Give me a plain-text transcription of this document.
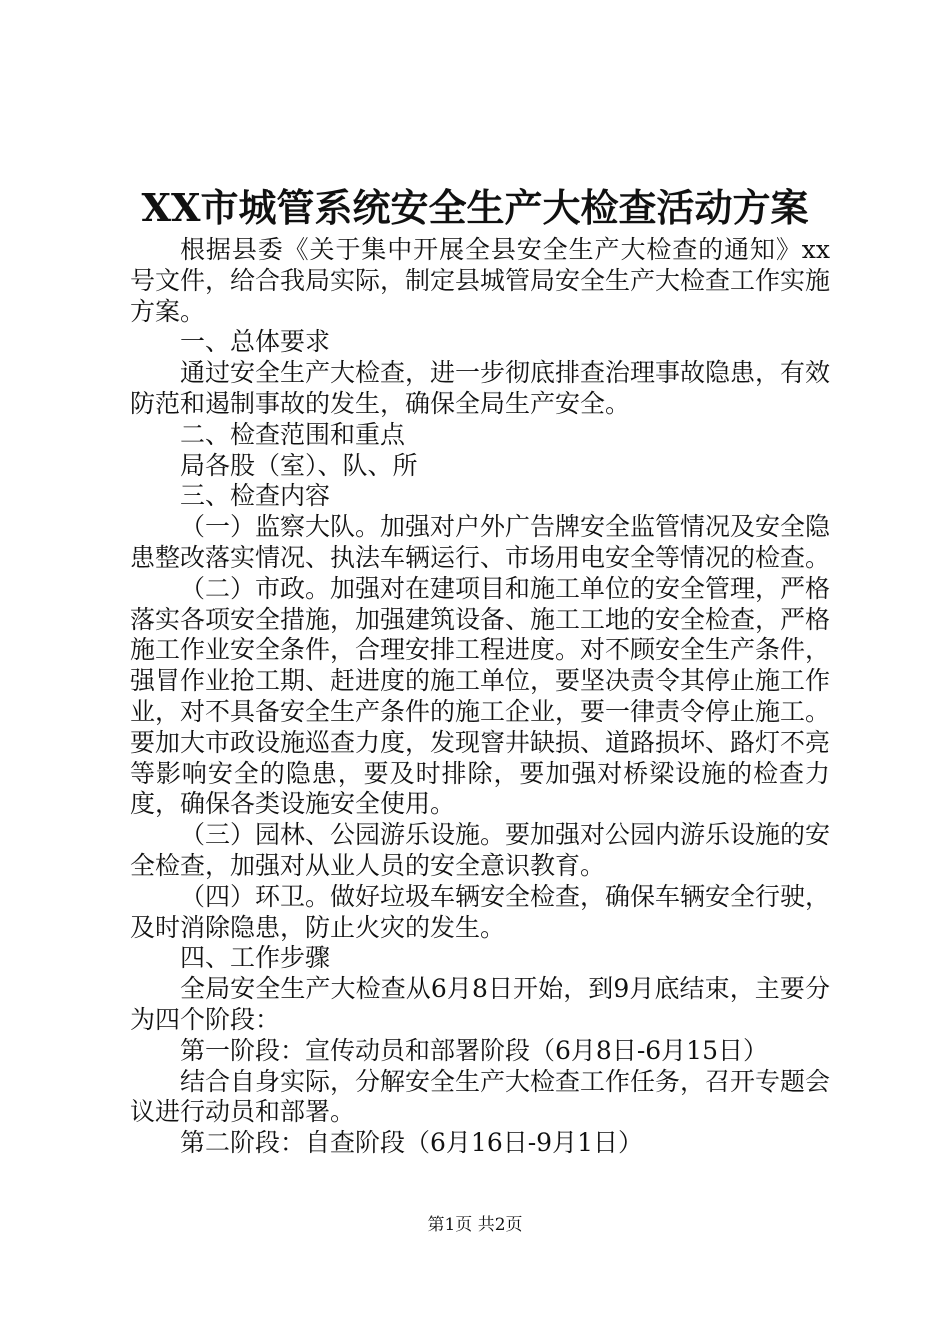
XX市城管系统安全生产大检查活动方案

根据县委《关于集中开展全县安全生产大检查的通知》xx号文件，给合我局实际，制定县城管局安全生产大检查工作实施方案。

一、总体要求

通过安全生产大检查，进一步彻底排查治理事故隐患，有效防范和遏制事故的发生，确保全局生产安全。

二、检查范围和重点

局各股（室）、队、所

三、检查内容

（一）监察大队。加强对户外广告牌安全监管情况及安全隐患整改落实情况、执法车辆运行、市场用电安全等情况的检查。

（二）市政。加强对在建项目和施工单位的安全管理，严格落实各项安全措施，加强建筑设备、施工工地的安全检查，严格施工作业安全条件，合理安排工程进度。对不顾安全生产条件，强冒作业抢工期、赶进度的施工单位，要坚决责令其停止施工作业，对不具备安全生产条件的施工企业，要一律责令停止施工。要加大市政设施巡查力度，发现窨井缺损、道路损坏、路灯不亮等影响安全的隐患，要及时排除，要加强对桥梁设施的检查力度，确保各类设施安全使用。

（三）园林、公园游乐设施。要加强对公园内游乐设施的安全检查，加强对从业人员的安全意识教育。

（四）环卫。做好垃圾车辆安全检查，确保车辆安全行驶，及时消除隐患，防止火灾的发生。

四、工作步骤

全局安全生产大检查从6月8日开始，到9月底结束，主要分为四个阶段：

第一阶段：宣传动员和部署阶段（6月8日-6月15日）

结合自身实际，分解安全生产大检查工作任务，召开专题会议进行动员和部署。

第二阶段：自查阶段（6月16日-9月1日）

第1页 共2页
